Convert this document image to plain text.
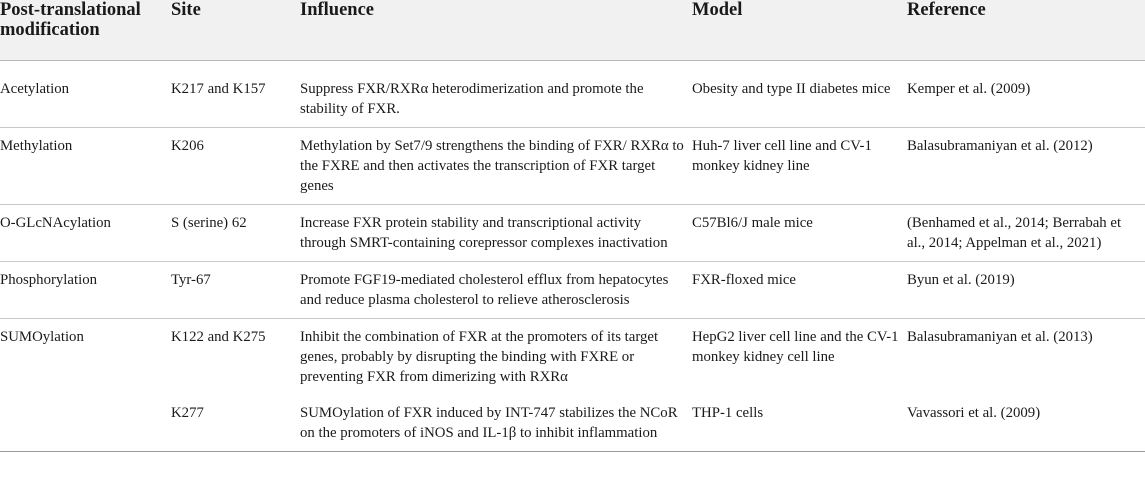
Post-translational modification	Site	Influence	Model	Reference
Acetylation	K217 and K157	Suppress FXR/RXRα heterodimerization and promote the stability of FXR.	Obesity and type II diabetes mice	Kemper et al. (2009)
Methylation	K206	Methylation by Set7/9 strengthens the binding of FXR/ RXRα to the FXRE and then activates the transcription of FXR target genes	Huh-7 liver cell line and CV-1 monkey kidney line	Balasubramaniyan et al. (2012)
O-GLcNAcylation	S (serine) 62	Increase FXR protein stability and transcriptional activity through SMRT-containing corepressor complexes inactivation	C57Bl6/J male mice	(Benhamed et al., 2014; Berrabah et al., 2014; Appelman et al., 2021)
Phosphorylation	Tyr-67	Promote FGF19-mediated cholesterol efflux from hepatocytes and reduce plasma cholesterol to relieve atherosclerosis	FXR-floxed mice	Byun et al. (2019)
SUMOylation	K122 and K275	Inhibit the combination of FXR at the promoters of its target genes, probably by disrupting the binding with FXRE or preventing FXR from dimerizing with RXRα	HepG2 liver cell line and the CV-1 monkey kidney cell line	Balasubramaniyan et al. (2013)
	K277	SUMOylation of FXR induced by INT-747 stabilizes the NCoR on the promoters of iNOS and IL-1β to inhibit inflammation	THP-1 cells	Vavassori et al. (2009)
